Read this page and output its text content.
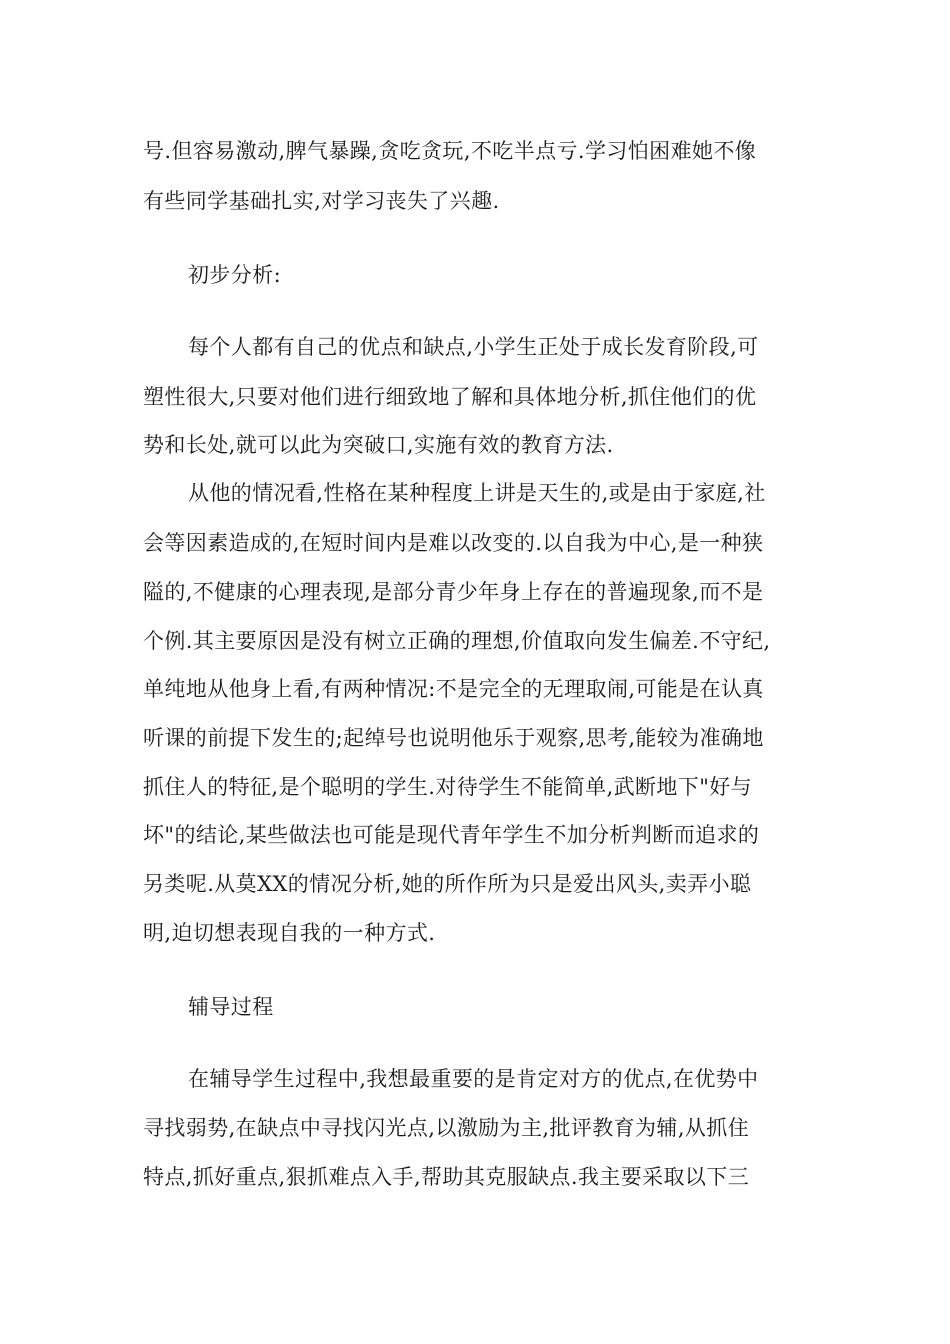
号.但容易激动,脾气暴躁,贪吃贪玩,不吃半点亏.学习怕困难她不像
有些同学基础扎实,对学习丧失了兴趣.
初步分析:
每个人都有自己的优点和缺点,小学生正处于成长发育阶段,可
塑性很大,只要对他们进行细致地了解和具体地分析,抓住他们的优
势和长处,就可以此为突破口,实施有效的教育方法.
从他的情况看,性格在某种程度上讲是天生的,或是由于家庭,社
会等因素造成的,在短时间内是难以改变的.以自我为中心,是一种狭
隘的,不健康的心理表现,是部分青少年身上存在的普遍现象,而不是
个例.其主要原因是没有树立正确的理想,价值取向发生偏差.不守纪,
单纯地从他身上看,有两种情况:不是完全的无理取闹,可能是在认真
听课的前提下发生的;起绰号也说明他乐于观察,思考,能较为准确地
抓住人的特征,是个聪明的学生.对待学生不能简单,武断地下"好与
坏"的结论,某些做法也可能是现代青年学生不加分析判断而追求的
另类呢.从莫XX的情况分析,她的所作所为只是爱出风头,卖弄小聪
明,迫切想表现自我的一种方式.
辅导过程
在辅导学生过程中,我想最重要的是肯定对方的优点,在优势中
寻找弱势,在缺点中寻找闪光点,以激励为主,批评教育为辅,从抓住
特点,抓好重点,狠抓难点入手,帮助其克服缺点.我主要采取以下三
